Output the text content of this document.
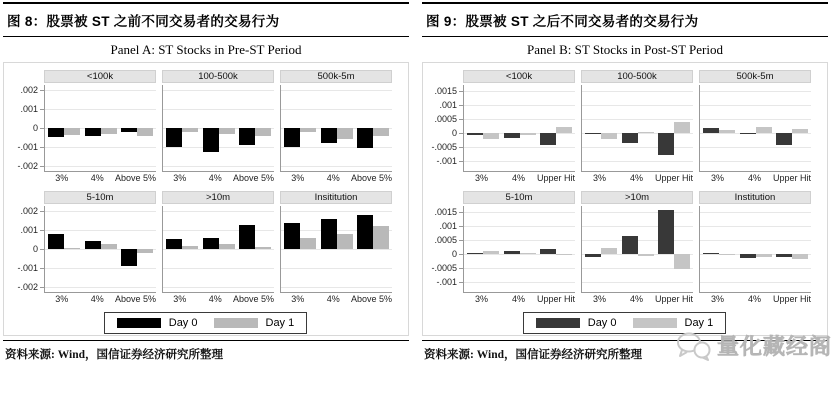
图 8：股票被 ST 之前不同交易者的交易行为
Panel A: ST Stocks in Pre-ST Period
.002
.001
0
-.001
-.002
<100k
3%	4%	Above 5%
100-500k
3%	4%	Above 5%
500k-5m
3%	4%	Above 5%
.002
.001
0
-.001
-.002
5-10m
3%	4%	Above 5%
>10m
3%	4%	Above 5%
Insititution
3%	4%	Above 5%
Day 0	Day 1
资料来源: Wind，国信证券经济研究所整理
图 9：股票被 ST 之后不同交易者的交易行为
Panel B: ST Stocks in Post-ST Period
.0015
.001
.0005
0
-.0005
-.001
<100k
3%	4%	Upper Hit
100-500k
3%	4%	Upper Hit
500k-5m
3%	4%	Upper Hit
.0015
.001
.0005
0
-.0005
-.001
5-10m
3%	4%	Upper Hit
>10m
3%	4%	Upper Hit
Institution
3%	4%	Upper Hit
Day 0	Day 1
资料来源: Wind，国信证券经济研究所整理	量化藏经阁
